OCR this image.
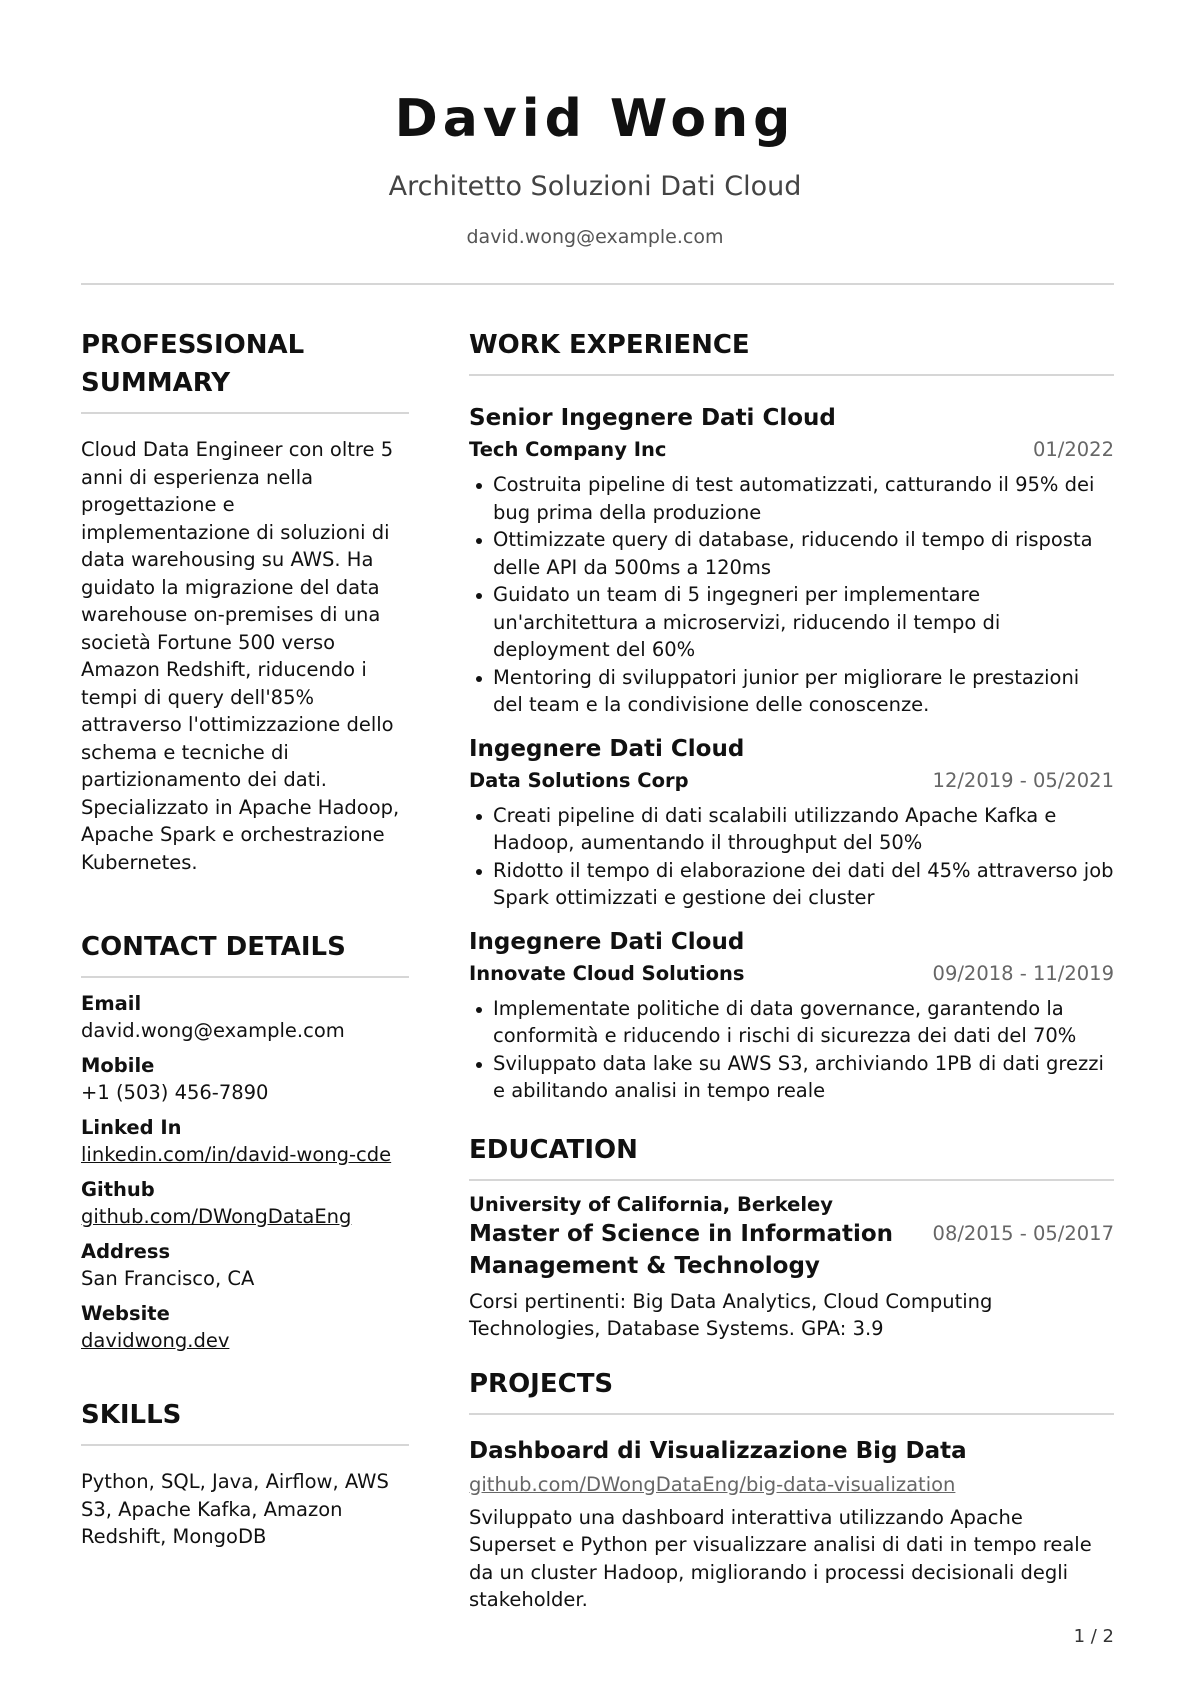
David Wong
Architetto Soluzioni Dati Cloud
david.wong@example.com
PROFESSIONAL SUMMARY
Cloud Data Engineer con oltre 5 anni di esperienza nella progettazione e implementazione di soluzioni di data warehousing su AWS. Ha guidato la migrazione del data warehouse on-premises di una società Fortune 500 verso Amazon Redshift, riducendo i tempi di query dell'85% attraverso l'ottimizzazione dello schema e tecniche di partizionamento dei dati. Specializzato in Apache Hadoop, Apache Spark e orchestrazione Kubernetes.
CONTACT DETAILS
Email
david.wong@example.com
Mobile
+1 (503) 456-7890
Linked In
linkedin.com/in/david-wong-cde
Github
github.com/DWongDataEng
Address
San Francisco, CA
Website
davidwong.dev
SKILLS
Python, SQL, Java, Airflow, AWS S3, Apache Kafka, Amazon Redshift, MongoDB
WORK EXPERIENCE
Senior Ingegnere Dati Cloud
Tech Company Inc	01/2022
Costruita pipeline di test automatizzati, catturando il 95% dei bug prima della produzione
Ottimizzate query di database, riducendo il tempo di risposta delle API da 500ms a 120ms
Guidato un team di 5 ingegneri per implementare un'architettura a microservizi, riducendo il tempo di deployment del 60%
Mentoring di sviluppatori junior per migliorare le prestazioni del team e la condivisione delle conoscenze.
Ingegnere Dati Cloud
Data Solutions Corp	12/2019 - 05/2021
Creati pipeline di dati scalabili utilizzando Apache Kafka e Hadoop, aumentando il throughput del 50%
Ridotto il tempo di elaborazione dei dati del 45% attraverso job Spark ottimizzati e gestione dei cluster
Ingegnere Dati Cloud
Innovate Cloud Solutions	09/2018 - 11/2019
Implementate politiche di data governance, garantendo la conformità e riducendo i rischi di sicurezza dei dati del 70%
Sviluppato data lake su AWS S3, archiviando 1PB di dati grezzi e abilitando analisi in tempo reale
EDUCATION
University of California, Berkeley
Master of Science in Information Management & Technology
08/2015 - 05/2017
Corsi pertinenti: Big Data Analytics, Cloud Computing Technologies, Database Systems. GPA: 3.9
PROJECTS
Dashboard di Visualizzazione Big Data
github.com/DWongDataEng/big-data-visualization
Sviluppato una dashboard interattiva utilizzando Apache Superset e Python per visualizzare analisi di dati in tempo reale da un cluster Hadoop, migliorando i processi decisionali degli stakeholder.
1 / 2
